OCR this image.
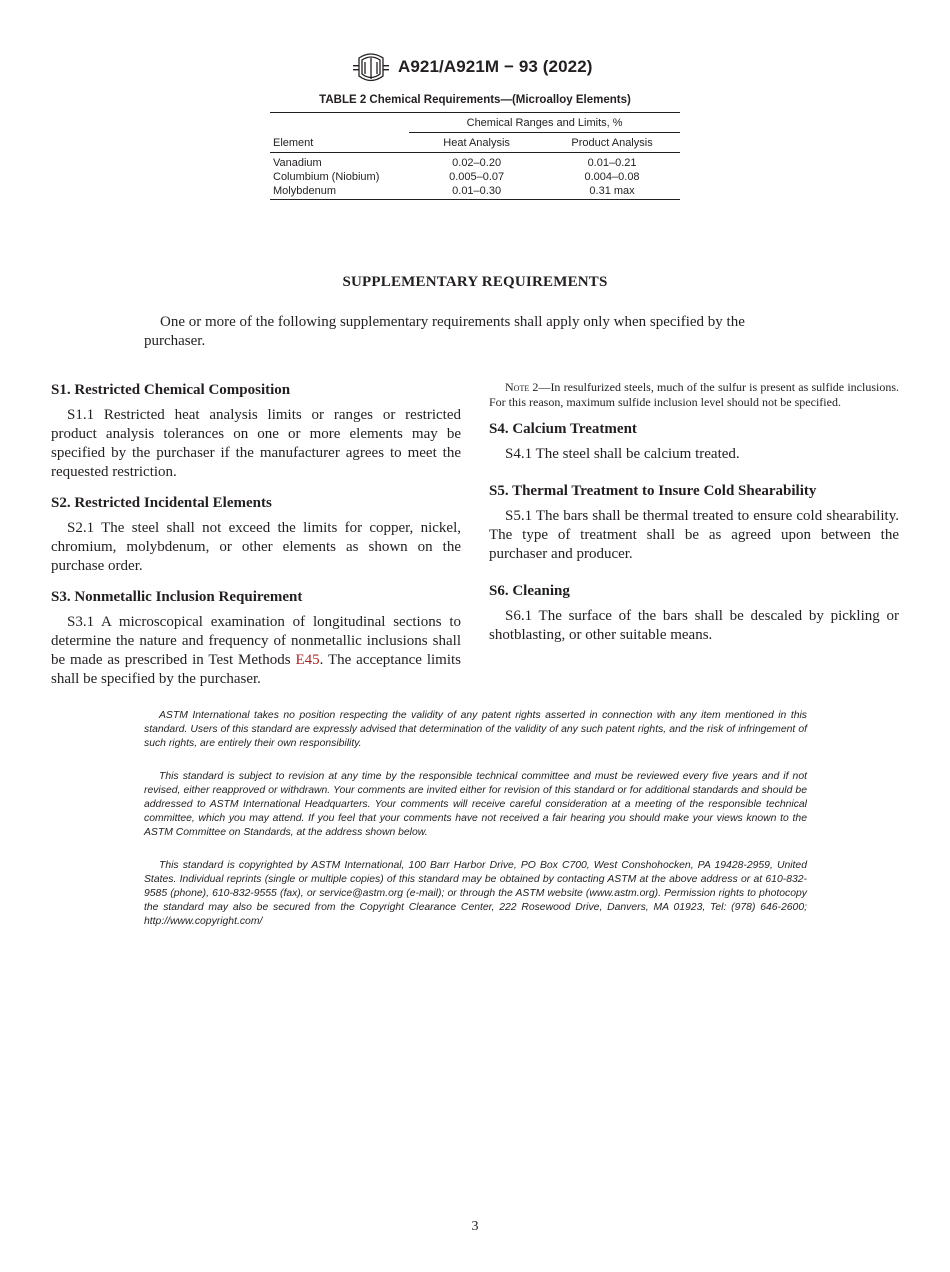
A921/A921M − 93 (2022)
TABLE 2 Chemical Requirements—(Microalloy Elements)
	Chemical Ranges and Limits, %	
Element	Heat Analysis	Product Analysis
Vanadium	0.02–0.20	0.01–0.21
Columbium (Niobium)	0.005–0.07	0.004–0.08
Molybdenum	0.01–0.30	0.31 max
SUPPLEMENTARY REQUIREMENTS

One or more of the following supplementary requirements shall apply only when specified by the purchaser.

S1. Restricted Chemical Composition

S1.1 Restricted heat analysis limits or ranges or restricted product analysis tolerances on one or more elements may be specified by the purchaser if the manufacturer agrees to meet the requested restriction.

S2. Restricted Incidental Elements

S2.1 The steel shall not exceed the limits for copper, nickel, chromium, molybdenum, or other elements as shown on the purchase order.

S3. Nonmetallic Inclusion Requirement

S3.1 A microscopical examination of longitudinal sections to determine the nature and frequency of nonmetallic inclusions shall be made as prescribed in Test Methods E45. The acceptance limits shall be specified by the purchaser.

Note 2—In resulfurized steels, much of the sulfur is present as sulfide inclusions. For this reason, maximum sulfide inclusion level should not be specified.

S4. Calcium Treatment

S4.1 The steel shall be calcium treated.

S5. Thermal Treatment to Insure Cold Shearability

S5.1 The bars shall be thermal treated to ensure cold shearability. The type of treatment shall be as agreed upon between the purchaser and producer.

S6. Cleaning

S6.1 The surface of the bars shall be descaled by pickling or shotblasting, or other suitable means.

ASTM International takes no position respecting the validity of any patent rights asserted in connection with any item mentioned in this standard. Users of this standard are expressly advised that determination of the validity of any such patent rights, and the risk of infringement of such rights, are entirely their own responsibility.

This standard is subject to revision at any time by the responsible technical committee and must be reviewed every five years and if not revised, either reapproved or withdrawn. Your comments are invited either for revision of this standard or for additional standards and should be addressed to ASTM International Headquarters. Your comments will receive careful consideration at a meeting of the responsible technical committee, which you may attend. If you feel that your comments have not received a fair hearing you should make your views known to the ASTM Committee on Standards, at the address shown below.

This standard is copyrighted by ASTM International, 100 Barr Harbor Drive, PO Box C700, West Conshohocken, PA 19428-2959, United States. Individual reprints (single or multiple copies) of this standard may be obtained by contacting ASTM at the above address or at 610-832-9585 (phone), 610-832-9555 (fax), or service@astm.org (e-mail); or through the ASTM website (www.astm.org). Permission rights to photocopy the standard may also be secured from the Copyright Clearance Center, 222 Rosewood Drive, Danvers, MA 01923, Tel: (978) 646-2600; http://www.copyright.com/

3
